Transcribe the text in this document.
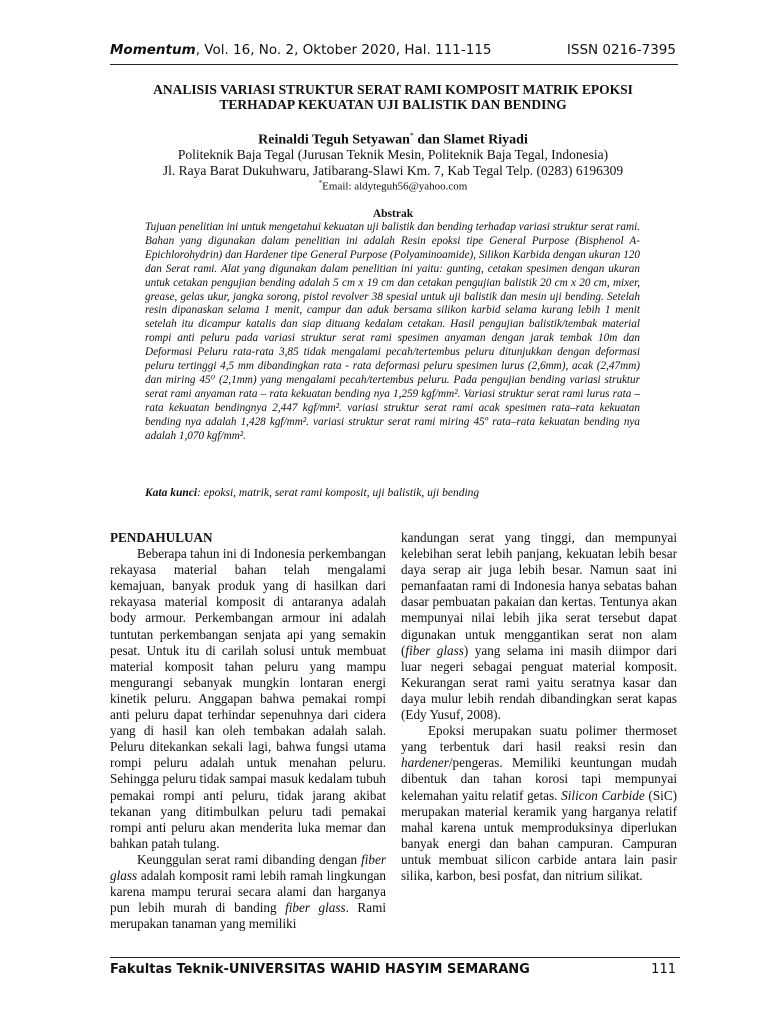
Momentum, Vol. 16, No. 2, Oktober 2020, Hal. 111-115	ISSN 0216-7395
ANALISIS VARIASI STRUKTUR SERAT RAMI KOMPOSIT MATRIK EPOKSI
TERHADAP KEKUATAN UJI BALISTIK DAN BENDING
Reinaldi Teguh Setyawan* dan Slamet Riyadi
Politeknik Baja Tegal (Jurusan Teknik Mesin, Politeknik Baja Tegal, Indonesia)
Jl. Raya Barat Dukuhwaru, Jatibarang-Slawi Km. 7, Kab Tegal Telp. (0283) 6196309
*Email: aldyteguh56@yahoo.com
Abstrak
Tujuan penelitian ini untuk mengetahui kekuatan uji balistik dan bending terhadap variasi struktur serat rami. Bahan yang digunakan dalam penelitian ini adalah Resin epoksi tipe General Purpose (Bisphenol A-Epichlorohydrin) dan Hardener tipe General Purpose (Polyaminoamide), Silikon Karbida dengan ukuran 120 dan Serat rami. Alat yang digunakan dalam penelitian ini yaitu: gunting, cetakan spesimen dengan ukuran untuk cetakan pengujian bending adalah 5 cm x 19 cm dan cetakan pengujian balistik 20 cm x 20 cm, mixer, grease, gelas ukur, jangka sorong, pistol revolver 38 spesial untuk uji balistik dan mesin uji bending. Setelah resin dipanaskan selama 1 menit, campur dan aduk bersama silikon karbid selama kurang lebih 1 menit setelah itu dicampur katalis dan siap dituang kedalam cetakan. Hasil pengujian balistik/tembak material rompi anti peluru pada variasi struktur serat rami spesimen anyaman dengan jarak tembak 10m dan Deformasi Peluru rata-rata 3,85 tidak mengalami pecah/tertembus peluru ditunjukkan dengan deformasi peluru tertinggi 4,5 mm dibandingkan rata - rata deformasi peluru spesimen lurus (2,6mm), acak (2,47mm) dan miring 45⁰ (2,1mm) yang mengalami pecah/tertembus peluru. Pada pengujian bending variasi struktur serat rami anyaman rata – rata kekuatan bending nya 1,259 kgf/mm². Variasi struktur serat rami lurus rata – rata kekuatan bendingnya 2,447 kgf/mm². variasi struktur serat rami acak spesimen rata–rata kekuatan bending nya adalah 1,428 kgf/mm². variasi struktur serat rami miring 45º rata–rata kekuatan bending nya adalah 1,070 kgf/mm².
Kata kunci: epoksi, matrik, serat rami komposit, uji balistik, uji bending
PENDAHULUAN

Beberapa tahun ini di Indonesia perkembangan rekayasa material bahan telah mengalami kemajuan, banyak produk yang di hasilkan dari rekayasa material komposit di antaranya adalah body armour. Perkembangan armour ini adalah tuntutan perkembangan senjata api yang semakin pesat. Untuk itu di carilah solusi untuk membuat material komposit tahan peluru yang mampu mengurangi sebanyak mungkin lontaran energi kinetik peluru. Anggapan bahwa pemakai rompi anti peluru dapat terhindar sepenuhnya dari cidera yang di hasil kan oleh tembakan adalah salah. Peluru ditekankan sekali lagi, bahwa fungsi utama rompi peluru adalah untuk menahan peluru. Sehingga peluru tidak sampai masuk kedalam tubuh pemakai rompi anti peluru, tidak jarang akibat tekanan yang ditimbulkan peluru tadi pemakai rompi anti peluru akan menderita luka memar dan bahkan patah tulang.

Keunggulan serat rami dibanding dengan fiber glass adalah komposit rami lebih ramah lingkungan karena mampu terurai secara alami dan harganya pun lebih murah di banding fiber glass. Rami merupakan tanaman yang memiliki

kandungan serat yang tinggi, dan mempunyai kelebihan serat lebih panjang, kekuatan lebih besar daya serap air juga lebih besar. Namun saat ini pemanfaatan rami di Indonesia hanya sebatas bahan dasar pembuatan pakaian dan kertas. Tentunya akan mempunyai nilai lebih jika serat tersebut dapat digunakan untuk menggantikan serat non alam (fiber glass) yang selama ini masih diimpor dari luar negeri sebagai penguat material komposit. Kekurangan serat rami yaitu seratnya kasar dan daya mulur lebih rendah dibandingkan serat kapas (Edy Yusuf, 2008).

Epoksi merupakan suatu polimer thermoset yang terbentuk dari hasil reaksi resin dan hardener/pengeras. Memiliki keuntungan mudah dibentuk dan tahan korosi tapi mempunyai kelemahan yaitu relatif getas. Silicon Carbide (SiC) merupakan material keramik yang harganya relatif mahal karena untuk memproduksinya diperlukan banyak energi dan bahan campuran. Campuran untuk membuat silicon carbide antara lain pasir silika, karbon, besi posfat, dan nitrium silikat.

Fakultas Teknik-UNIVERSITAS WAHID HASYIM SEMARANG	111
